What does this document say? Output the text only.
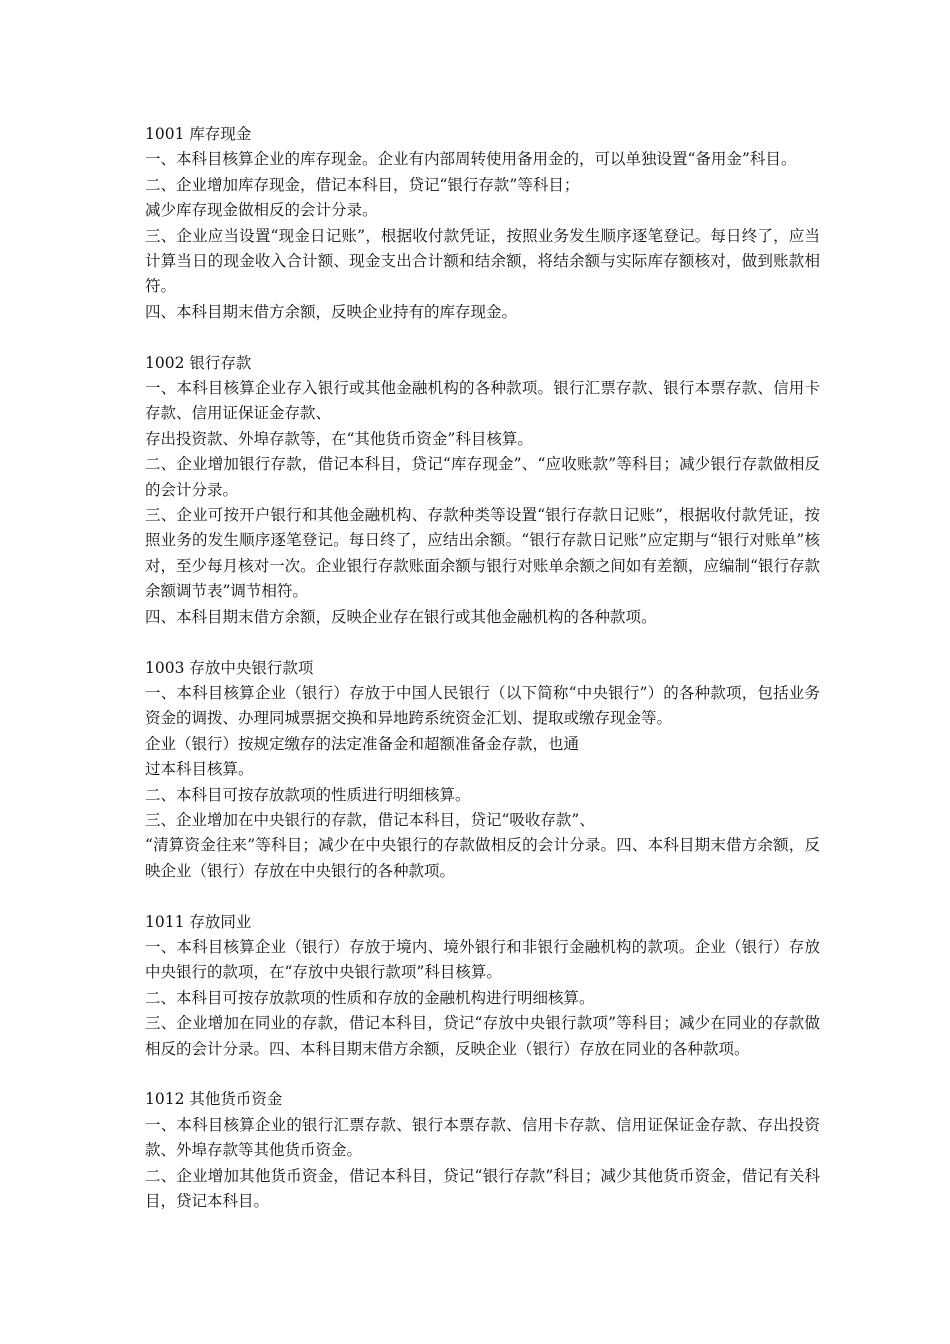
1001 库存现金

一、本科目核算企业的库存现金。企业有内部周转使用备用金的，可以单独设置“备用金”科目。

二、企业增加库存现金，借记本科目，贷记“银行存款”等科目；

减少库存现金做相反的会计分录。

三、企业应当设置“现金日记账”，根据收付款凭证，按照业务发生顺序逐笔登记。每日终了，应当计算当日的现金收入合计额、现金支出合计额和结余额，将结余额与实际库存额核对，做到账款相符。

四、本科目期末借方余额，反映企业持有的库存现金。

1002 银行存款

一、本科目核算企业存入银行或其他金融机构的各种款项。银行汇票存款、银行本票存款、信用卡存款、信用证保证金存款、

存出投资款、外埠存款等，在“其他货币资金”科目核算。

二、企业增加银行存款，借记本科目，贷记“库存现金”、“应收账款”等科目；减少银行存款做相反的会计分录。

三、企业可按开户银行和其他金融机构、存款种类等设置“银行存款日记账”，根据收付款凭证，按照业务的发生顺序逐笔登记。每日终了，应结出余额。“银行存款日记账”应定期与“银行对账单”核对，至少每月核对一次。企业银行存款账面余额与银行对账单余额之间如有差额，应编制“银行存款余额调节表”调节相符。

四、本科目期末借方余额，反映企业存在银行或其他金融机构的各种款项。

1003 存放中央银行款项

一、本科目核算企业（银行）存放于中国人民银行（以下简称“中央银行”）的各种款项，包括业务资金的调拨、办理同城票据交换和异地跨系统资金汇划、提取或缴存现金等。

企业（银行）按规定缴存的法定准备金和超额准备金存款，也通

过本科目核算。

二、本科目可按存放款项的性质进行明细核算。

三、企业增加在中央银行的存款，借记本科目，贷记“吸收存款”、

“清算资金往来”等科目；减少在中央银行的存款做相反的会计分录。四、本科目期末借方余额，反映企业（银行）存放在中央银行的各种款项。

1011 存放同业

一、本科目核算企业（银行）存放于境内、境外银行和非银行金融机构的款项。企业（银行）存放中央银行的款项，在“存放中央银行款项”科目核算。

二、本科目可按存放款项的性质和存放的金融机构进行明细核算。

三、企业增加在同业的存款，借记本科目，贷记“存放中央银行款项”等科目；减少在同业的存款做相反的会计分录。四、本科目期末借方余额，反映企业（银行）存放在同业的各种款项。

1012 其他货币资金

一、本科目核算企业的银行汇票存款、银行本票存款、信用卡存款、信用证保证金存款、存出投资款、外埠存款等其他货币资金。

二、企业增加其他货币资金，借记本科目，贷记“银行存款”科目；减少其他货币资金，借记有关科目，贷记本科目。
